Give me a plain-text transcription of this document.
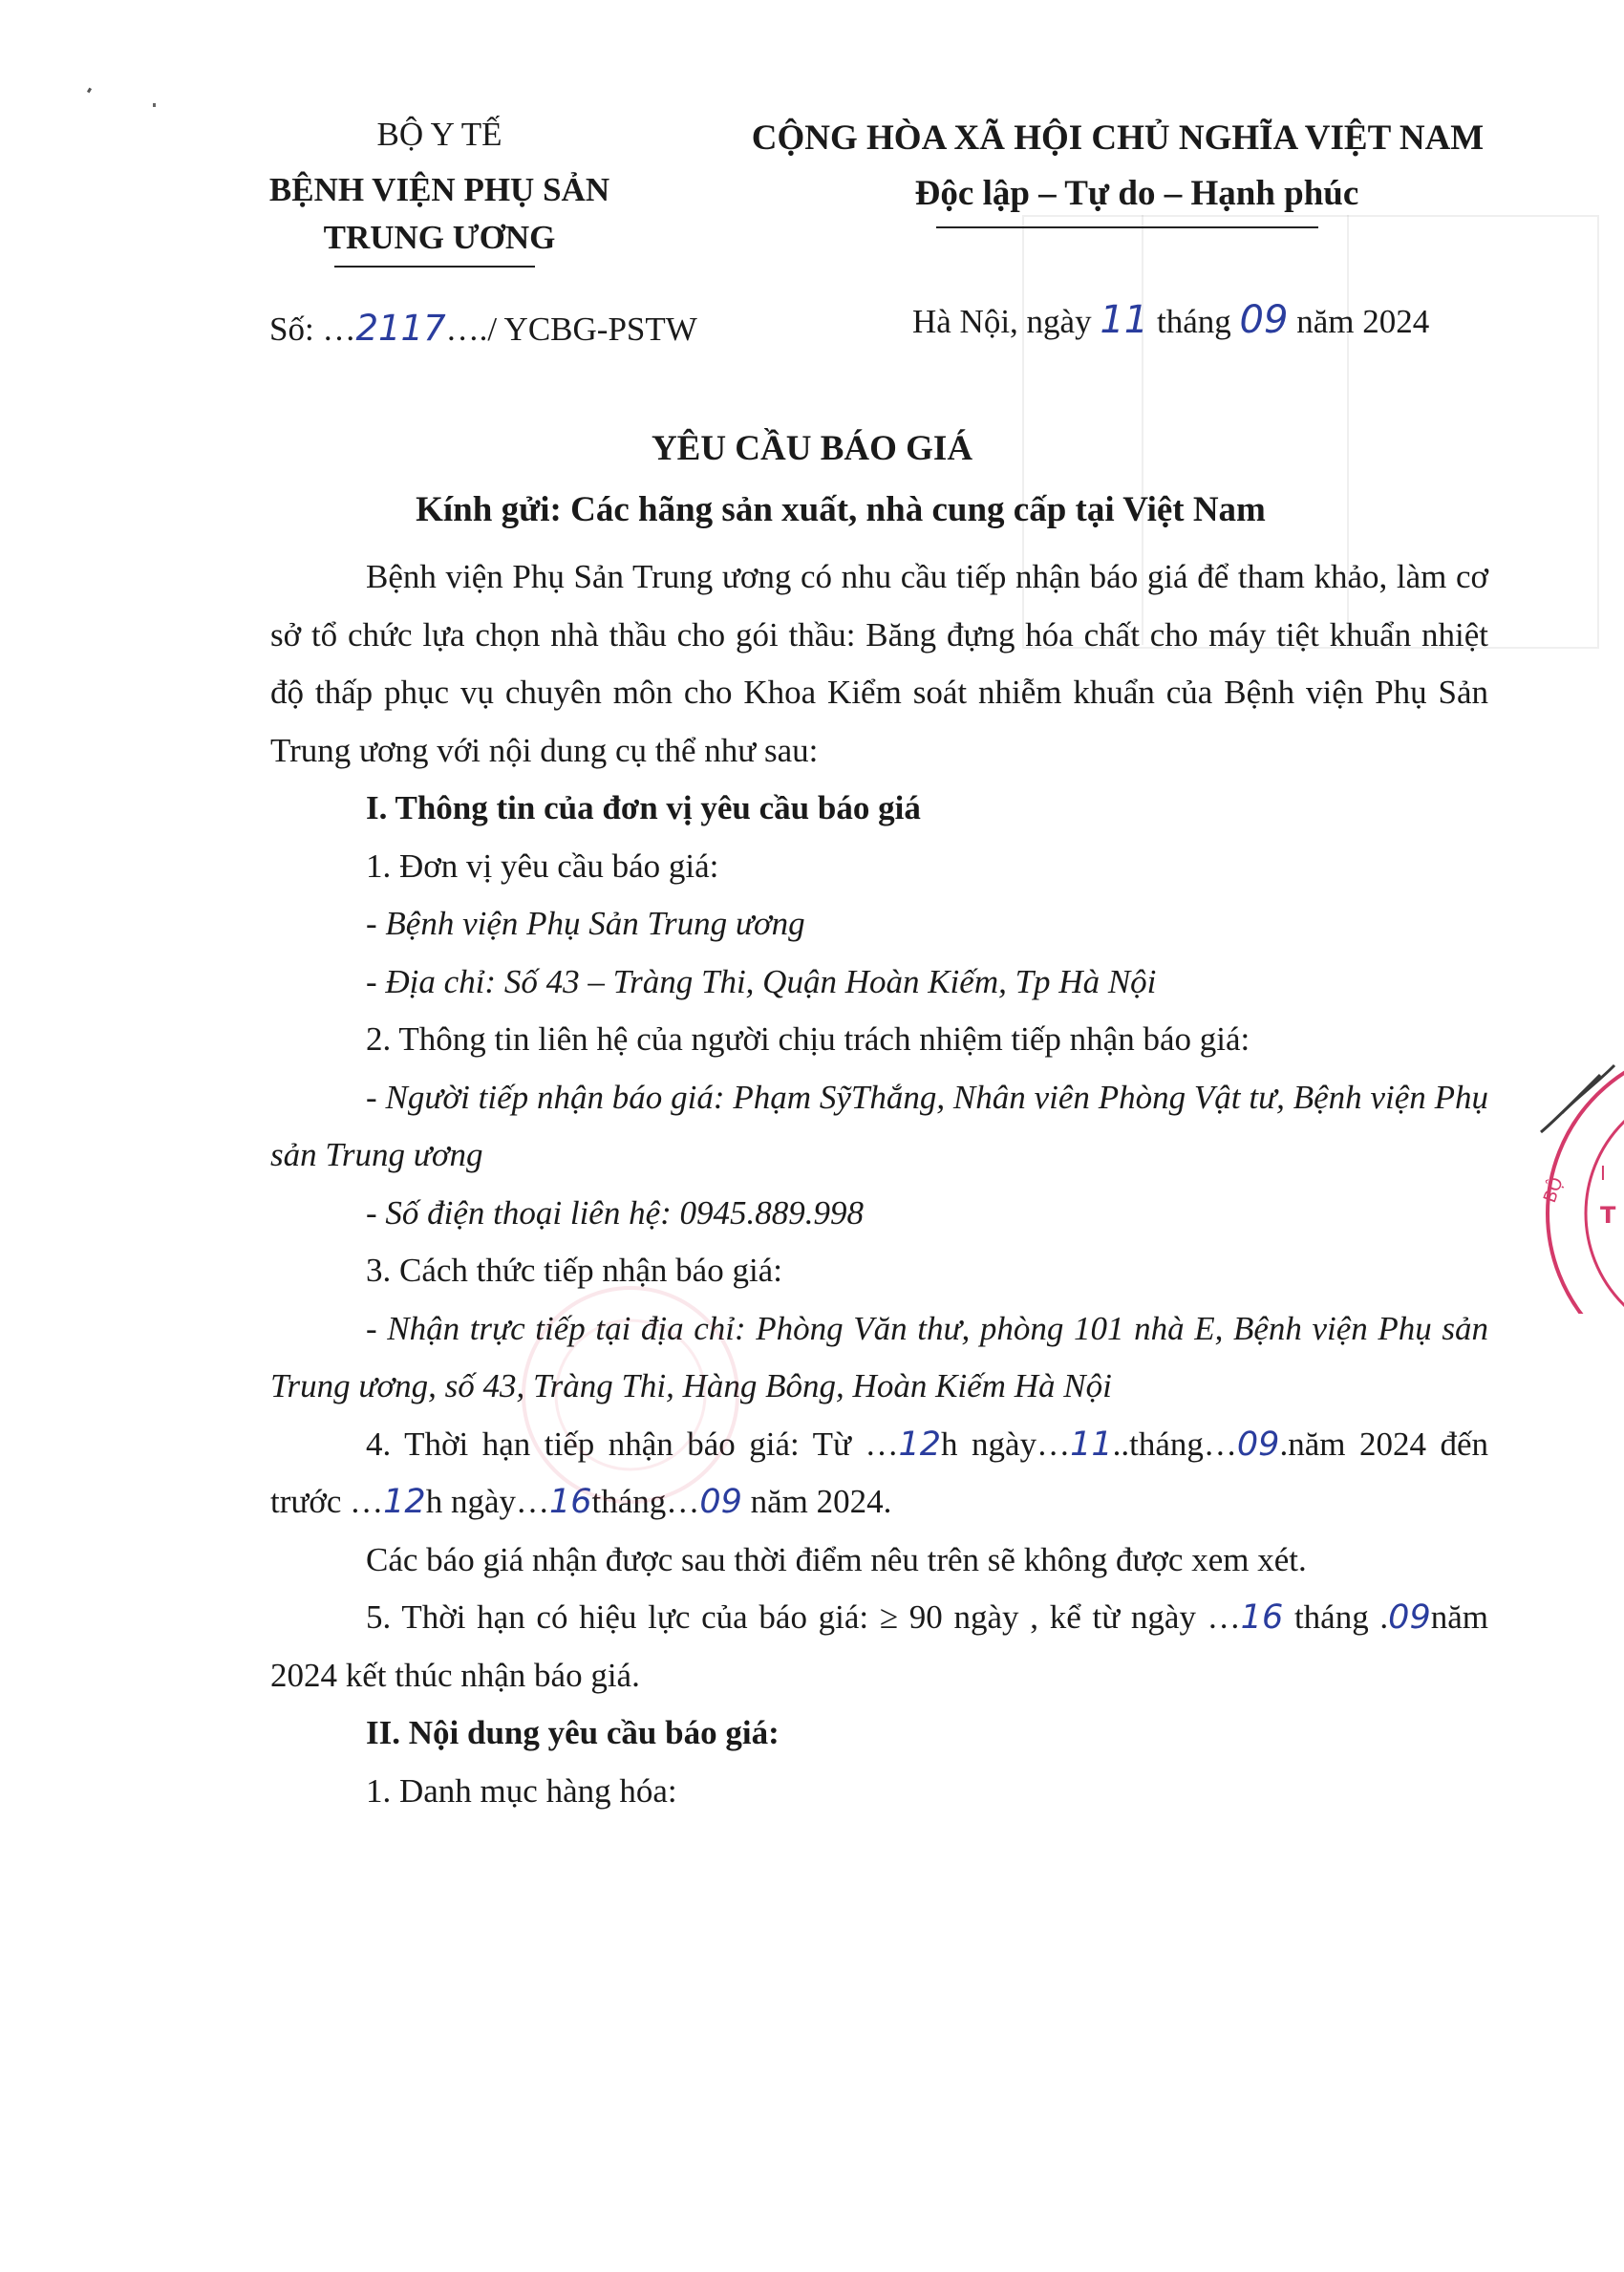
BỘ Y TẾ
BỆNH VIỆN PHỤ SẢN
TRUNG ƯƠNG
CỘNG HÒA XÃ HỘI CHỦ NGHĨA VIỆT NAM
Độc lập – Tự do – Hạnh phúc
Số: …2117…./ YCBG-PSTW	Hà Nội, ngày 11 tháng 09 năm 2024
YÊU CẦU BÁO GIÁ
Kính gửi: Các hãng sản xuất, nhà cung cấp tại Việt Nam

Bệnh viện Phụ Sản Trung ương có nhu cầu tiếp nhận báo giá để tham khảo, làm cơ sở tổ chức lựa chọn nhà thầu cho gói thầu: Băng đựng hóa chất cho máy tiệt khuẩn nhiệt độ thấp phục vụ chuyên môn cho Khoa Kiểm soát nhiễm khuẩn của Bệnh viện Phụ Sản Trung ương với nội dung cụ thể như sau:

I. Thông tin của đơn vị yêu cầu báo giá

1. Đơn vị yêu cầu báo giá:

- Bệnh viện Phụ Sản Trung ương

- Địa chỉ: Số 43 – Tràng Thi, Quận Hoàn Kiếm, Tp Hà Nội

2. Thông tin liên hệ của người chịu trách nhiệm tiếp nhận báo giá:

- Người tiếp nhận báo giá: Phạm SỹThắng, Nhân viên Phòng Vật tư, Bệnh viện Phụ sản Trung ương

- Số điện thoại liên hệ: 0945.889.998

3. Cách thức tiếp nhận báo giá:

- Nhận trực tiếp tại địa chỉ: Phòng Văn thư, phòng 101 nhà E, Bệnh viện Phụ sản Trung ương, số 43, Tràng Thi, Hàng Bông, Hoàn Kiếm Hà Nội

4. Thời hạn tiếp nhận báo giá: Từ …12h ngày…11..tháng…09.năm 2024 đến trước …12h ngày…16tháng…09 năm 2024.

Các báo giá nhận được sau thời điểm nêu trên sẽ không được xem xét.

5. Thời hạn có hiệu lực của báo giá: ≥ 90 ngày , kể từ ngày …16 tháng .09năm 2024 kết thúc nhận báo giá.

II. Nội dung yêu cầu báo giá:

1. Danh mục hàng hóa:

BỘ
T
I
